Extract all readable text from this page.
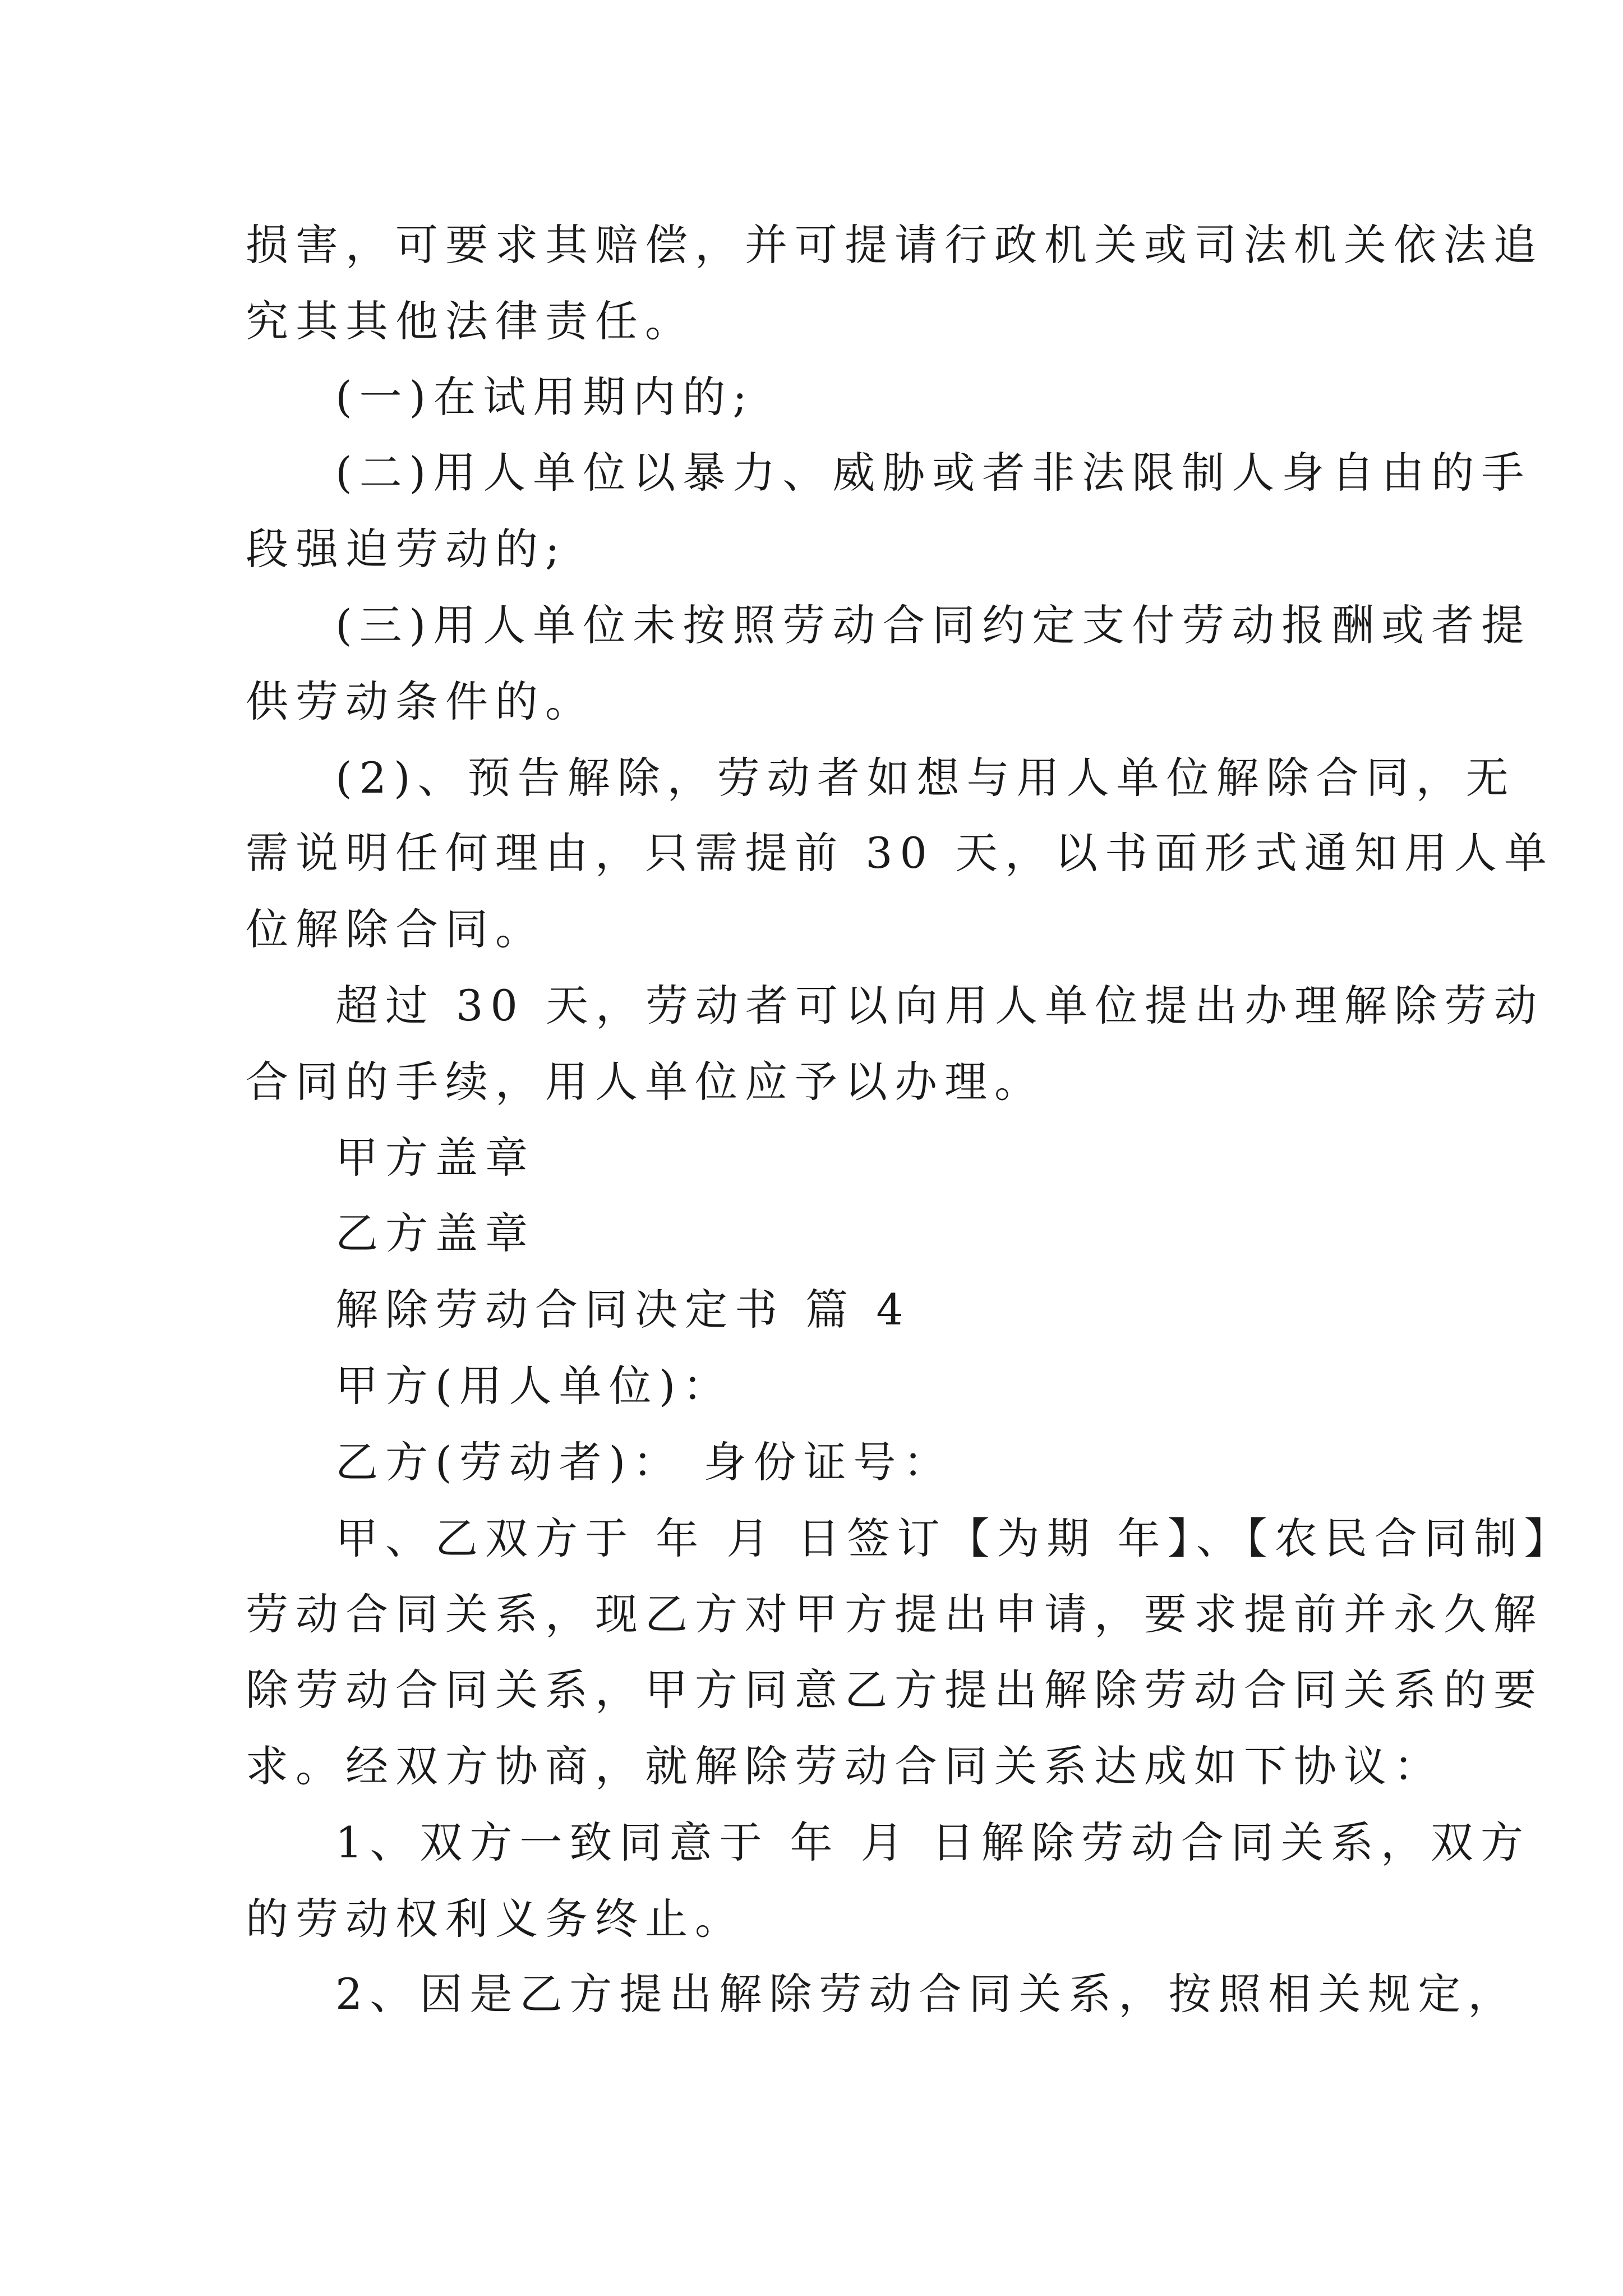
损害，可要求其赔偿，并可提请行政机关或司法机关依法追

究其其他法律责任。

(一)在试用期内的;

(二)用人单位以暴力、威胁或者非法限制人身自由的手

段强迫劳动的;

(三)用人单位未按照劳动合同约定支付劳动报酬或者提

供劳动条件的。

(2)、预告解除，劳动者如想与用人单位解除合同，无

需说明任何理由，只需提前 30 天，以书面形式通知用人单

位解除合同。

超过 30 天，劳动者可以向用人单位提出办理解除劳动

合同的手续，用人单位应予以办理。

甲方盖章

乙方盖章

解除劳动合同决定书 篇 4

甲方(用人单位)：

乙方(劳动者)： 身份证号：

甲、乙双方于 年 月 日签订【为期 年】、【农民合同制】

劳动合同关系，现乙方对甲方提出申请，要求提前并永久解

除劳动合同关系，甲方同意乙方提出解除劳动合同关系的要

求。经双方协商，就解除劳动合同关系达成如下协议：

1、双方一致同意于 年 月 日解除劳动合同关系，双方

的劳动权利义务终止。

2、因是乙方提出解除劳动合同关系，按照相关规定，
